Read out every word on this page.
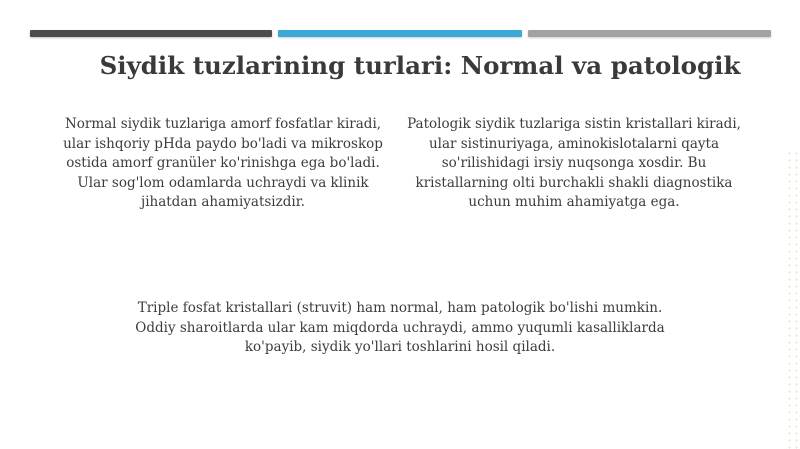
Siydik tuzlarining turlari: Normal va patologik
Normal siydik tuzlariga amorf fosfatlar kiradi, ular ishqoriy pHda paydo bo'ladi va mikroskop ostida amorf granüler ko'rinishga ega bo'ladi. Ular sog'lom odamlarda uchraydi va klinik jihatdan ahamiyatsizdir.
Patologik siydik tuzlariga sistin kristallari kiradi, ular sistinuriyaga, aminokislotalarni qayta so'rilishidagi irsiy nuqsonga xosdir. Bu kristallarning olti burchakli shakli diagnostika uchun muhim ahamiyatga ega.
Triple fosfat kristallari (struvit) ham normal, ham patologik bo'lishi mumkin. Oddiy sharoitlarda ular kam miqdorda uchraydi, ammo yuqumli kasalliklarda ko'payib, siydik yo'llari toshlarini hosil qiladi.
